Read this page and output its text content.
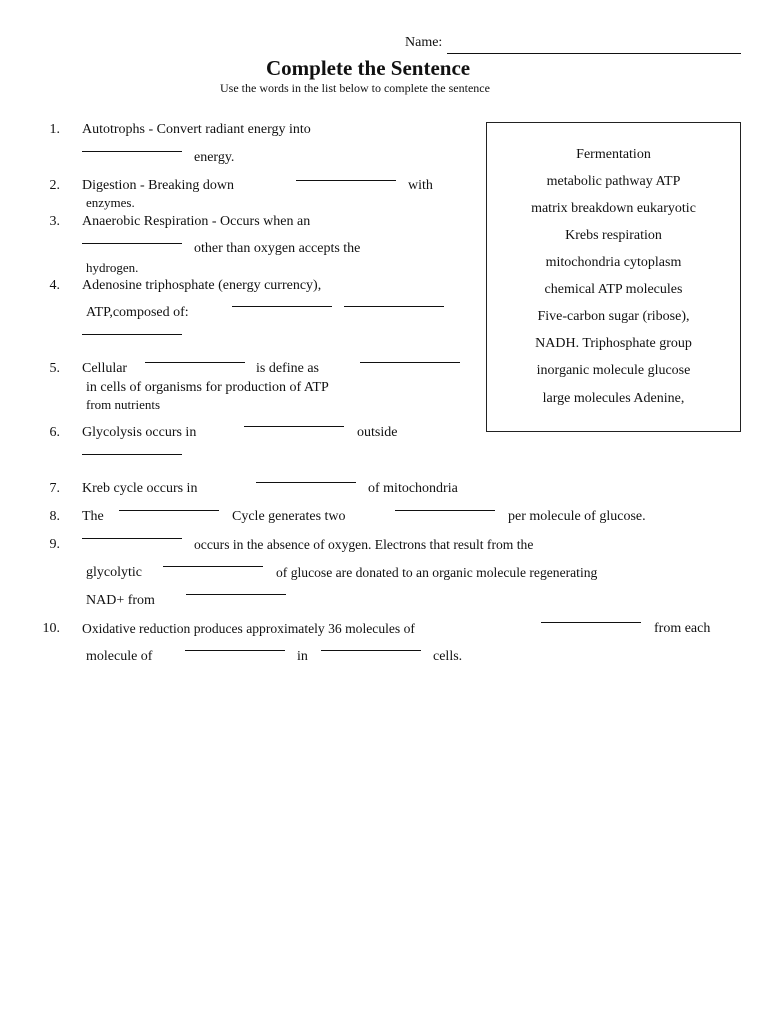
Name:
Complete the Sentence
Use the words in the list below to complete the sentence
Fermentation
metabolic pathway ATP
matrix breakdown eukaryotic
Krebs respiration
mitochondria cytoplasm
chemical ATP molecules
Five-carbon sugar (ribose),
NADH. Triphosphate group
inorganic molecule glucose
large molecules Adenine,
1. Autotrophs - Convert radiant energy into
energy.
2. Digestion - Breaking down	with
enzymes.
3. Anaerobic Respiration - Occurs when an
other than oxygen accepts the
hydrogen.
4. Adenosine triphosphate (energy currency),
ATP,composed of:
5. Cellular	is define as
in cells of organisms for production of ATP
from nutrients
6. Glycolysis occurs in	outside
7. Kreb cycle occurs in	of mitochondria
8. The	Cycle generates two	per molecule of glucose.
9.	occurs in the absence of oxygen. Electrons that result from the
glycolytic	of glucose are donated to an organic molecule regenerating
NAD+ from
10. Oxidative reduction produces approximately 36 molecules of	from each
molecule of	in	cells.
